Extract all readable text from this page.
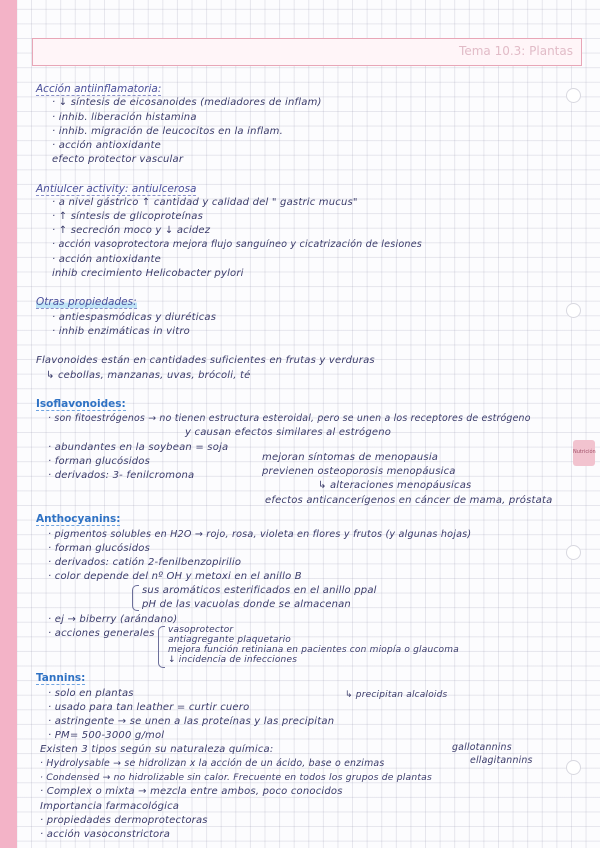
Tema 10.3: Plantas
Nutrición
Acción antiinflamatoria:
· ↓ síntesis de eicosanoides (mediadores de inflam)
· inhib. liberación histamina
· inhib. migración de leucocitos en la inflam.
· acción antioxidante
efecto protector vascular
Antiulcer activity: antiulcerosa
· a nivel gástrico ↑ cantidad y calidad del " gastric mucus"
· ↑ síntesis de glicoproteínas
· ↑ secreción moco y ↓ acidez
· acción vasoprotectora mejora flujo sanguíneo y cicatrización de lesiones
· acción antioxidante
inhib crecimiento Helicobacter pylori
Otras propiedades:
· antiespasmódicas y diuréticas
· inhib enzimáticas in vitro
Flavonoides están en cantidades suficientes en frutas y verduras
↳ cebollas, manzanas, uvas, brócoli, té
Isoflavonoides:
· son fitoestrógenos → no tienen estructura esteroidal, pero se unen a los receptores de estrógeno
y causan efectos similares al estrógeno
· abundantes en la soybean = soja
· forman glucósidos
· derivados: 3- fenilcromona
mejoran síntomas de menopausia
previenen osteoporosis menopáusica
↳ alteraciones menopáusicas
efectos anticancerígenos en cáncer de mama, próstata
Anthocyanins:
· pigmentos solubles en H2O → rojo, rosa, violeta en flores y frutos (y algunas hojas)
· forman glucósidos
· derivados: catión 2-fenilbenzopirilio
· color depende del nº OH y metoxi en el anillo B
sus aromáticos esterificados en el anillo ppal
pH de las vacuolas donde se almacenan
· ej → biberry (arándano)
· acciones generales vasoprotector
antiagregante plaquetario
mejora función retiniana en pacientes con miopía o glaucoma
↓ incidencia de infecciones
Tannins:
· solo en plantas
· usado para tan leather = curtir cuero
· astringente → se unen a las proteínas y las precipitan
· PM= 500-3000 g/mol
Existen 3 tipos según su naturaleza química:
· Hydrolysable → se hidrolizan x la acción de un ácido, base o enzimas
· Condensed → no hidrolizable sin calor. Frecuente en todos los grupos de plantas
· Complex o mixta → mezcla entre ambos, poco conocidos
Importancia farmacológica
· propiedades dermoprotectoras
· acción vasoconstrictora
↳ precipitan alcaloids
gallotannins
ellagitannins
